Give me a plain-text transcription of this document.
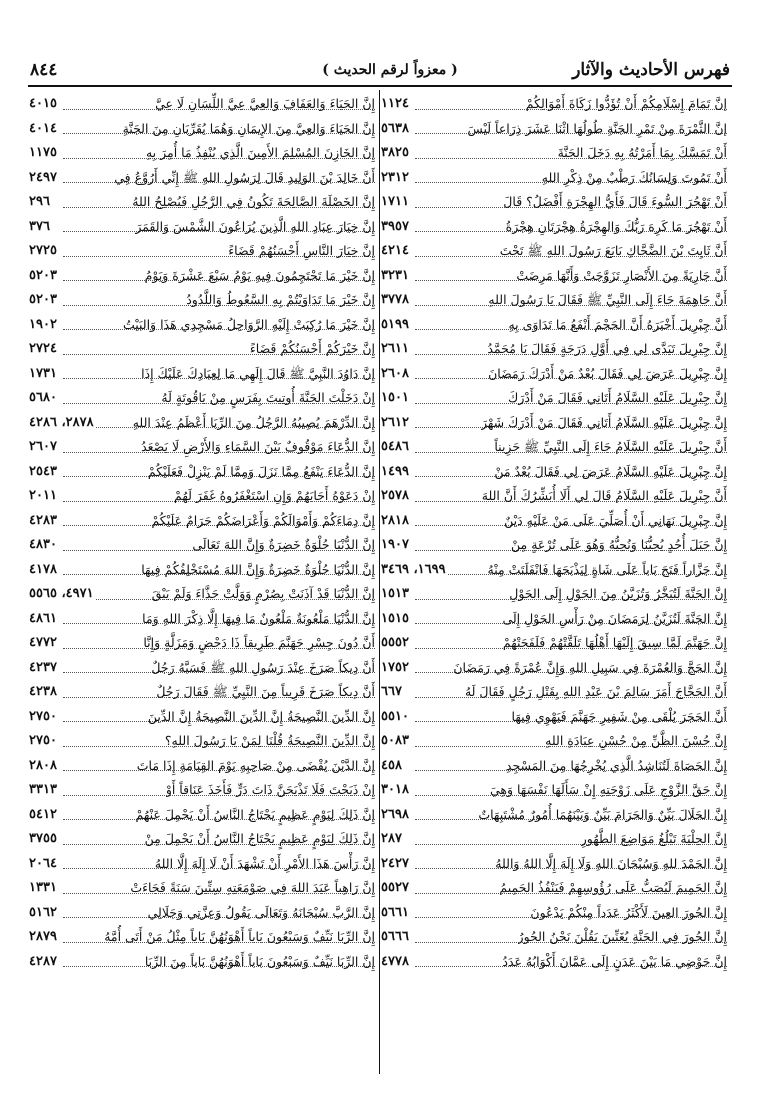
فهرس الأحاديث والآثار
( معزواً لرقم الحديث )
٨٤٤
إنَّ تَمَامَ إِسْلَامِكُمْ أَنْ تُؤَدُّوا زَكَاةَ أَمْوَالِكُمْ
١١٢٤
إنَّ الثَّمْرَةَ مِنْ تَمْرِ الجَنَّةِ طُولُهَا اثْنَا عَشَرَ ذِرَاعاً لَيْسَ
٥٦٣٨
أَنْ تَمَسَّكَ بِمَا أَمَرْتُهُ بِهِ دَخَلَ الجَنَّةَ
٣٨٢٥
أَنْ تَمُوتَ وَلِسَانُكَ رَطْبٌ مِنْ ذِكْرِ اللهِ
٢٣١٢
أَنْ تَهْجُرَ السُّوءَ قَالَ فَأَيُّ الهِجْرَةِ أَفْضَلُ؟ قَالَ
١٧١١
أَنْ تَهْجُرَ مَا كَرِهَ رَبُّكَ وَالهِجْرَةُ هِجْرَتَانِ هِجْرَةُ
٣٩٥٧
أَنَّ ثَابِتَ بْنَ الضَّحَّاكِ بَايَعَ رَسُولَ اللهِ ﷺ تَحْتَ
٤٢١٤
أَنَّ جَارِيَةً مِنَ الأَنْصَارِ تَزَوَّجَتْ وَأَنَّهَا مَرِضَتْ
٣٢٣١
أَنَّ جَاهِمَةَ جَاءَ إِلَى النَّبِيِّ ﷺ فَقَالَ يَا رَسُولَ اللهِ
٣٧٧٨
أَنَّ جِبْرِيلَ أَخْبَرَهُ أَنَّ الحَجْمَ أَنْفَعُ مَا تَدَاوَى بِهِ
٥١٩٩
إِنَّ جِبْرِيلَ تَبَدَّى لِي فِي أَوَّلِ دَرَجَةٍ فَقَالَ يَا مُحَمَّدُ
٢٦١١
إِنَّ جِبْرِيلَ عَرَضَ لِي فَقَالَ بُعْدٌ مَنْ أَدْرَكَ رَمَضَانَ
٢٦٠٨
إِنَّ جِبْرِيلَ عَلَيْهِ السَّلَامُ أَتَانِي فَقَالَ مَنْ أَدْرَكَ
١٥٠١
إِنَّ جِبْرِيلَ عَلَيْهِ السَّلَامُ أَتَانِي فَقَالَ مَنْ أَدْرَكَ شَهْرَ
٢٦١٢
أَنَّ جِبْرِيلَ عَلَيْهِ السَّلَامُ جَاءَ إِلَى النَّبِيِّ ﷺ حَزِيناً
٥٤٨٦
إِنَّ جِبْرِيلَ عَلَيْهِ السَّلَامُ عَرَضَ لِي فَقَالَ بُعْدٌ مَنْ
١٤٩٩
أَنَّ جِبْرِيلَ عَلَيْهِ السَّلَامُ قَالَ لِي أَلَا أُبَشِّرُكَ أَنَّ اللهَ
٢٥٧٨
إِنَّ جِبْرِيلَ نَهَانِي أَنْ أُصَلِّيَ عَلَى مَنْ عَلَيْهِ دَيْنٌ
٢٨١٨
إِنَّ جَبَلَ أُحُدٍ يُحِبُّنَا وَنُحِبُّهُ وَهُوَ عَلَى تُرْعَةٍ مِنْ
١٩٠٧
إِنَّ جَزَّاراً فَتَحَ بَاباً عَلَى شَاةٍ لِيَذْبَحَهَا فَانْفَلَتَتْ مِنْهُ
١٦٩٩، ٣٤٦٩
إِنَّ الجَنَّةَ لَتُبَخَّرُ وَتُزَيَّنُ مِنَ الحَوْلِ إِلَى الحَوْلِ
١٥١٣
إِنَّ الجَنَّةَ لَتُزَيَّنُ لِرَمَضَانَ مِنْ رَأْسِ الحَوْلِ إِلَى
١٥١٥
إِنَّ جَهَنَّمَ لَمَّا سِيقَ إِلَيْهَا أَهْلُهَا تَلَقَّتْهُمْ فَلَفَحَتْهُمْ
٥٥٥٢
إِنَّ الحَجَّ وَالعُمْرَةَ فِي سَبِيلِ اللهِ وَإِنَّ عُمْرَةً فِي رَمَضَانَ
١٧٥٢
أَنَّ الحَجَّاجَ أَمَرَ سَالِمَ بْنَ عَبْدِ اللهِ بِقَتْلِ رَجُلٍ فَقَالَ لَهُ
٦٦٧
أَنَّ الحَجَرَ يُلْقَى مِنْ شَفِيرِ جَهَنَّمَ فَيَهْوِي فِيهَا
٥٥١٠
إِنَّ حُسْنَ الظَّنِّ مِنْ حُسْنِ عِبَادَةِ اللهِ
٥٠٨٣
إِنَّ الحَصَاةَ لَتُنَاشِدُ الَّذِي يُخْرِجُهَا مِنَ المَسْجِدِ
٤٥٨
إِنَّ حَقَّ الزَّوْجِ عَلَى زَوْجَتِهِ إِنْ سَأَلَهَا نَفْسَهَا وَهِيَ
٣٠١٨
إِنَّ الحَلَالَ بَيِّنٌ وَالحَرَامَ بَيِّنٌ وَبَيْنَهُمَا أُمُورٌ مُشْتَبِهَاتٌ
٢٦٩٨
إِنَّ الحِلْيَةَ تَبْلُغُ مَوَاضِعَ الطَّهُورِ
٢٨٧
إِنَّ الحَمْدَ للهِ وَسُبْحَانَ اللهِ وَلَا إِلَهَ إِلَّا اللهُ وَاللهُ
٢٤٢٧
إِنَّ الحَمِيمَ لَيُصَبُّ عَلَى رُؤُوسِهِمْ فَيَنْفُذُ الحَمِيمُ
٥٥٢٧
إِنَّ الحُورَ العِينَ لَأَكْثَرُ عَدَداً مِنْكُمْ يَدْعُونَ
٥٦٦١
إِنَّ الحُورَ فِي الجَنَّةِ يُغَنِّينَ يَقُلْنَ نَحْنُ الحُورُ
٥٦٦٦
إِنَّ حَوْضِي مَا بَيْنَ عَدَنٍ إِلَى عَمَّانَ أَكْوَابُهُ عَدَدُ
٤٧٧٨
إِنَّ الحَيَاءَ وَالعَفَافَ وَالعِيَّ عِيَّ اللِّسَانِ لَا عِيَّ
٤٠١٥
إِنَّ الحَيَاءَ وَالعِيَّ مِنَ الإِيمَانِ وَهُمَا يُقَرِّبَانِ مِنَ الجَنَّةِ
٤٠١٤
إِنَّ الخَازِنَ المُسْلِمَ الأَمِينَ الَّذِي يُنْفِذُ مَا أُمِرَ بِهِ
١١٧٥
أَنَّ خَالِدَ بْنَ الوَلِيدِ قَالَ لِرَسُولِ اللهِ ﷺ إِنِّي أَرُوَّعُ فِي
٢٤٩٧
إِنَّ الخَصْلَةَ الصَّالِحَةَ تَكُونُ فِي الرَّجُلِ فَيُصْلِحُ اللهُ
٢٩٦
إِنَّ خِيَارَ عِبَادِ اللهِ الَّذِينَ يُرَاعُونَ الشَّمْسَ وَالقَمَرَ
٣٧٦
إِنَّ خِيَارَ النَّاسِ أَحْسَنُهُمْ قَضَاءً
٢٧٢٥
إِنَّ خَيْرَ مَا تَحْتَجِمُونَ فِيهِ يَوْمُ سَبْعَ عَشْرَةَ وَيَوْمُ
٥٢٠٣
إِنَّ خَيْرَ مَا تَدَاوَيْتُمْ بِهِ السَّعُوطُ وَاللَّدُودُ
٥٢٠٣
إِنَّ خَيْرَ مَا رُكِبَتْ إِلَيْهِ الرَّوَاحِلُ مَسْجِدِي هَذَا وَالبَيْتُ
١٩٠٢
إِنَّ خَيْرَكُمْ أَحْسَنُكُمْ قَضَاءً
٢٧٢٤
إِنَّ دَاوُدَ النَّبِيَّ ﷺ قَالَ إِلَهِي مَا لِعِبَادِكَ عَلَيْكَ إِذَا
١٧٣١
إِنْ دَخَلْتَ الجَنَّةَ أُوتِيتَ بِفَرَسٍ مِنْ يَاقُوتَةٍ لَهُ
٥٦٨٠
إِنَّ الدِّرْهَمَ يُصِيبُهُ الرَّجُلُ مِنَ الرِّبَا أَعْظَمُ عِنْدَ اللهِ
٢٨٧٨، ٤٢٨٦
إِنَّ الدُّعَاءَ مَوْقُوفٌ بَيْنَ السَّمَاءِ وَالأَرْضِ لَا يَصْعَدُ
٢٦٠٧
إِنَّ الدُّعَاءَ يَنْفَعُ مِمَّا نَزَلَ وَمِمَّا لَمْ يَنْزِلْ فَعَلَيْكُمْ
٢٥٤٣
إِنْ دَعَوْهُ أَجَابَهُمْ وَإِنِ اسْتَغْفَرُوهُ غَفَرَ لَهُمْ
٢٠١١
إِنَّ دِمَاءَكُمْ وَأَمْوَالَكُمْ وَأَعْرَاضَكُمْ حَرَامٌ عَلَيْكُمْ
٤٢٨٣
إِنَّ الدُّنْيَا حُلْوَةٌ خَضِرَةٌ وَإِنَّ اللهَ تَعَالَى
٤٨٣٠
إِنَّ الدُّنْيَا حُلْوَةٌ خَضِرَةٌ وَإِنَّ اللهَ مُسْتَخْلِفُكُمْ فِيهَا
٤١٧٨
إِنَّ الدُّنْيَا قَدْ آذَنَتْ بِصُرْمٍ وَوَلَّتْ حَذَّاءَ وَلَمْ يَبْقَ
٤٩٧١، ٥٥٦٥
إِنَّ الدُّنْيَا مَلْعُونَةٌ مَلْعُونٌ مَا فِيهَا إِلَّا ذِكْرَ اللهِ وَمَا
٤٨٦١
أَنَّ دُونَ جِسْرِ جَهَنَّمَ طَرِيقاً ذَا دَحْضٍ وَمَزَلَّةٍ وَإِنَّا
٤٧٧٢
أَنَّ دِيكاً صَرَخَ عِنْدَ رَسُولِ اللهِ ﷺ فَسَبَّهُ رَجُلٌ
٤٢٣٧
أَنَّ دِيكاً صَرَخَ قَرِيباً مِنَ النَّبِيِّ ﷺ فَقَالَ رَجُلٌ
٤٢٣٨
إِنَّ الدِّينَ النَّصِيحَةُ إِنَّ الدِّينَ النَّصِيحَةُ إِنَّ الدِّينَ
٢٧٥٠
إِنَّ الدِّينَ النَّصِيحَةُ قُلْنَا لِمَنْ يَا رَسُولَ اللهِ؟
٢٧٥٠
إِنَّ الدَّيْنَ يُقْضَى مِنْ صَاحِبِهِ يَوْمَ القِيَامَةِ إِذَا مَاتَ
٢٨٠٨
إِنْ ذَبَحْتَ فَلَا تَذْبَحَنَّ ذَاتَ دَرٍّ فَأَخَذَ عَنَاقاً أَوْ
٣٣١٣
إِنَّ ذَلِكَ لِيَوْمٍ عَظِيمٍ يَحْتَاجُ النَّاسُ أَنْ يَحْمِلَ عَنْهُمْ
٥٤١٢
إِنَّ ذَلِكَ لِيَوْمٍ عَظِيمٍ يَحْتَاجُ النَّاسُ أَنْ يَحْمِلَ مِنْ
٣٧٥٥
إِنَّ رَأْسَ هَذَا الأَمْرِ أَنْ تَشْهَدَ أَنْ لَا إِلَهَ إِلَّا اللهُ
٢٠٦٤
إِنَّ رَاهِباً عَبَدَ اللهَ فِي صَوْمَعَتِهِ سِتِّينَ سَنَةً فَجَاءَتْ
١٣٣١
إِنَّ الرَّبَّ سُبْحَانَهُ وَتَعَالَى يَقُولُ وَعِزَّتِي وَجَلَالِي
٥١٦٢
إِنَّ الرِّبَا نَيِّفٌ وَسَبْعُونَ بَاباً أَهْوَنُهُنَّ بَاباً مِثْلُ مَنْ أَتَى أُمَّهُ
٢٨٧٩
إِنَّ الرِّبَا نَيِّفٌ وَسَبْعُونَ بَاباً أَهْوَنُهُنَّ بَاباً مِنَ الرِّبَا
٤٢٨٧
